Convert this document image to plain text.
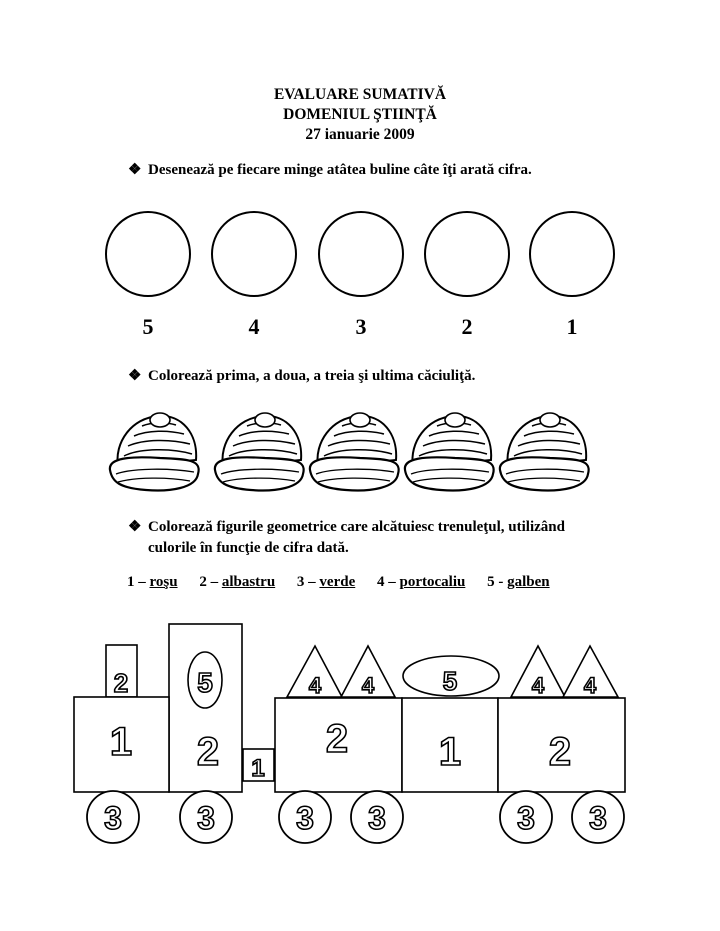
EVALUARE SUMATIVĂ
DOMENIUL ŞTIINŢĂ
27 ianuarie 2009
❖ Desenează pe fiecare minge atâtea buline câte îţi arată cifra.
❖ Colorează prima, a doua, a treia şi ultima căciuliţă.
❖ Colorează figurile geometrice care alcătuiesc trenuleţul, utilizând
culorile în funcţie de cifra dată.
1 – roşu 2 – albastru 3 – verde 4 – portocaliu 5 - galben
5	4	3	2	1
2 5
2
1
1
2 1 2
5
4 4	4 4
3 3	3 3	3 3
